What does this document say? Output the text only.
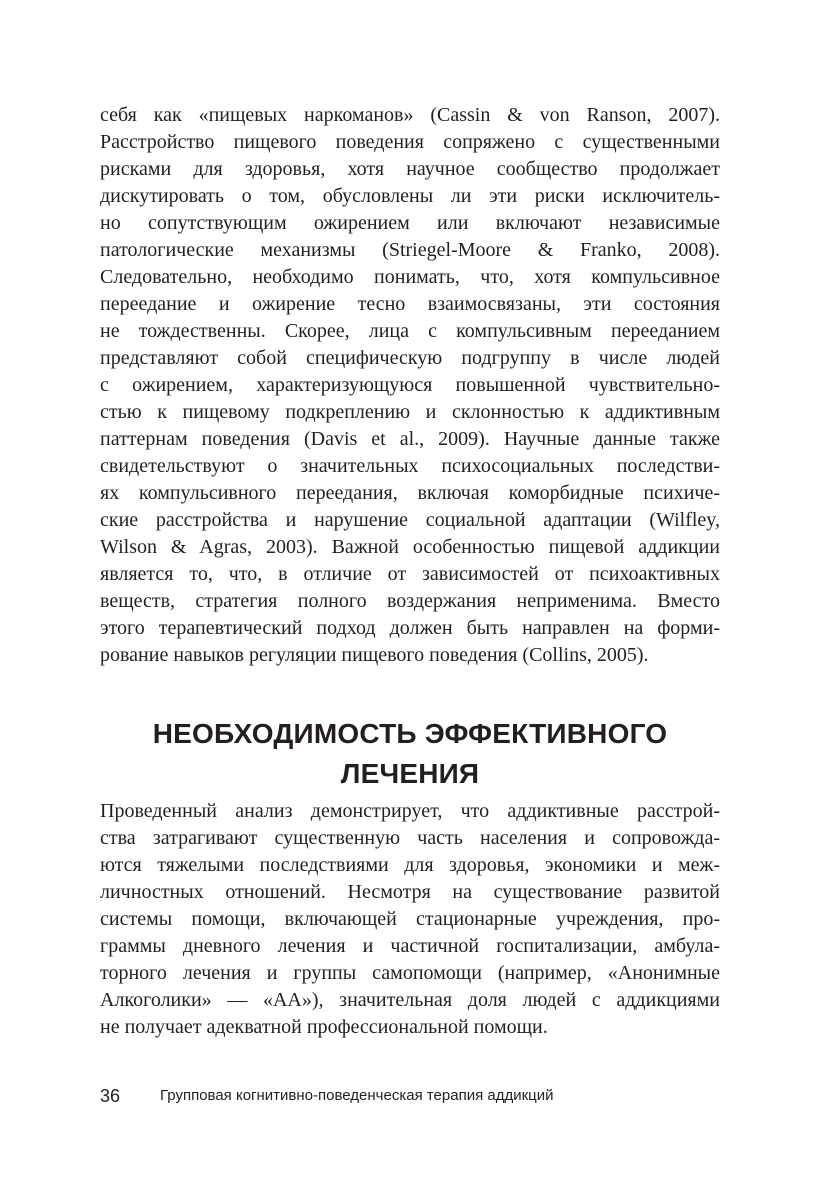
себя как «пищевых наркоманов» (Cassin & von Ranson, 2007).
Расстройство пищевого поведения сопряжено с существенными
рисками для здоровья, хотя научное сообщество продолжает
дискутировать о том, обусловлены ли эти риски исключитель-
но сопутствующим ожирением или включают независимые
патологические механизмы (Striegel-Moore & Franko, 2008).
Следовательно, необходимо понимать, что, хотя компульсивное
переедание и ожирение тесно взаимосвязаны, эти состояния
не тождественны. Скорее, лица с компульсивным перееданием
представляют собой специфическую подгруппу в числе людей
с ожирением, характеризующуюся повышенной чувствительно-
стью к пищевому подкреплению и склонностью к аддиктивным
паттернам поведения (Davis et al., 2009). Научные данные также
свидетельствуют о значительных психосоциальных последстви-
ях компульсивного переедания, включая коморбидные психиче-
ские расстройства и нарушение социальной адаптации (Wilfley,
Wilson & Agras, 2003). Важной особенностью пищевой аддикции
является то, что, в отличие от зависимостей от психоактивных
веществ, стратегия полного воздержания неприменима. Вместо
этого терапевтический подход должен быть направлен на форми-
рование навыков регуляции пищевого поведения (Collins, 2005).
НЕОБХОДИМОСТЬ ЭФФЕКТИВНОГО
ЛЕЧЕНИЯ
Проведенный анализ демонстрирует, что аддиктивные расстрой-
ства затрагивают существенную часть населения и сопровожда-
ются тяжелыми последствиями для здоровья, экономики и меж-
личностных отношений. Несмотря на существование развитой
системы помощи, включающей стационарные учреждения, про-
граммы дневного лечения и частичной госпитализации, амбула-
торного лечения и группы самопомощи (например, «Анонимные
Алкоголики» — «АА»), значительная доля людей с аддикциями
не получает адекватной профессиональной помощи.
36	Групповая когнитивно-поведенческая терапия аддикций
